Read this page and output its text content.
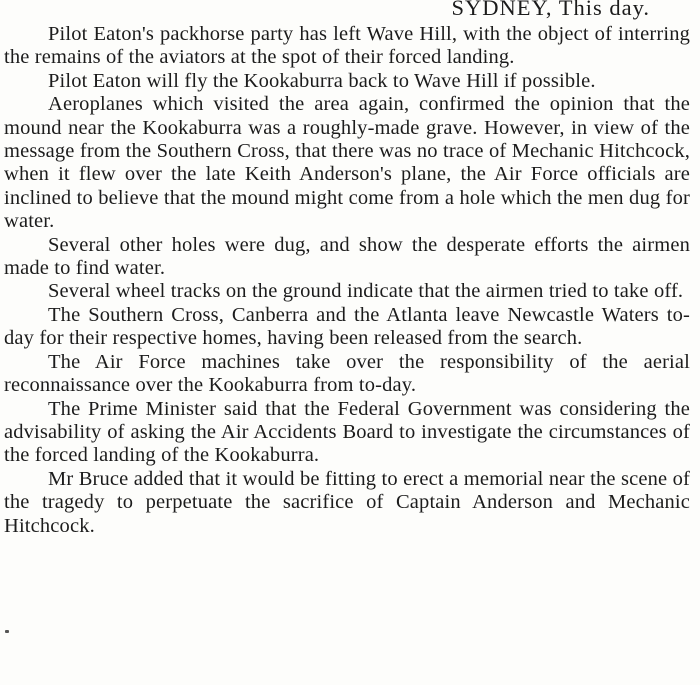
SYDNEY, This day.

Pilot Eaton's packhorse party has left Wave Hill, with the object of interring the remains of the aviators at the spot of their forced landing.

Pilot Eaton will fly the Kookaburra back to Wave Hill if possible.

Aeroplanes which visited the area again, confirmed the opinion that the mound near the Kookaburra was a roughly-made grave. However, in view of the message from the Southern Cross, that there was no trace of Mechanic Hitchcock, when it flew over the late Keith Anderson's plane, the Air Force officials are inclined to believe that the mound might come from a hole which the men dug for water.

Several other holes were dug, and show the desperate efforts the airmen made to find water.

Several wheel tracks on the ground indicate that the airmen tried to take off.

The Southern Cross, Canberra and the Atlanta leave Newcastle Waters to-day for their respective homes, having been released from the search.

The Air Force machines take over the responsibility of the aerial reconnaissance over the Kookaburra from to-day.

The Prime Minister said that the Federal Government was considering the advisability of asking the Air Accidents Board to investigate the circumstances of the forced landing of the Kookaburra.

Mr Bruce added that it would be fitting to erect a memorial near the scene of the tragedy to perpetuate the sacrifice of Captain Anderson and Mechanic Hitchcock.
